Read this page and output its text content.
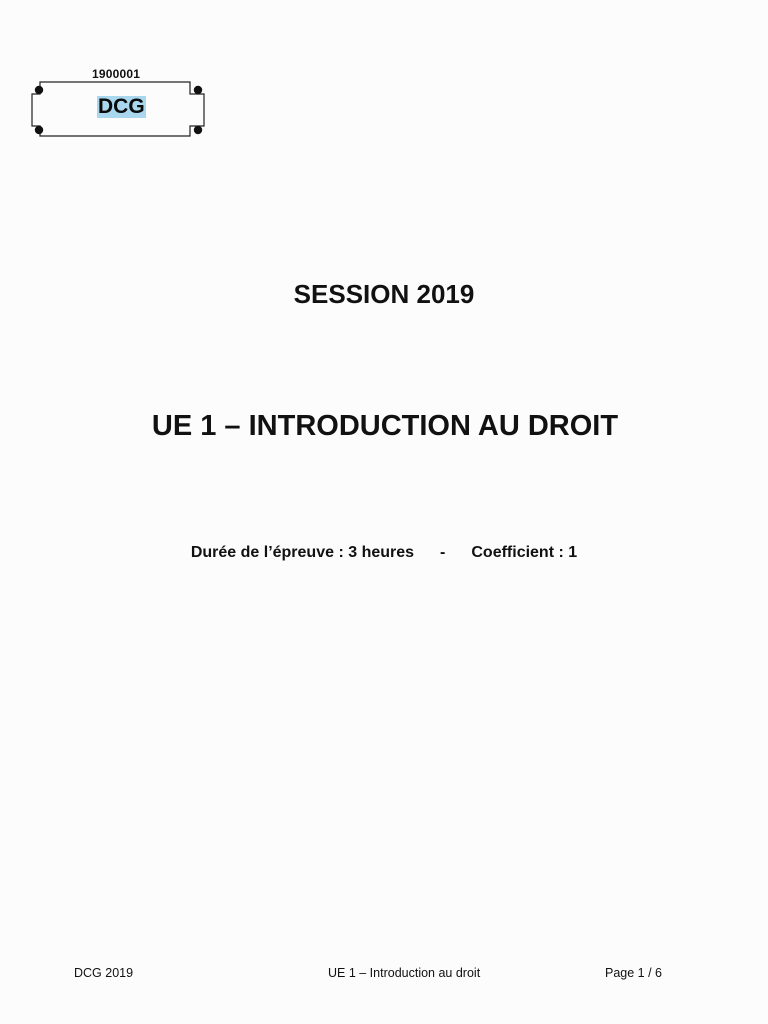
1900001
DCG
SESSION 2019
UE 1 – INTRODUCTION AU DROIT
Durée de l’épreuve : 3 heures - Coefficient : 1
DCG 2019	UE 1 – Introduction au droit	Page 1 / 6
